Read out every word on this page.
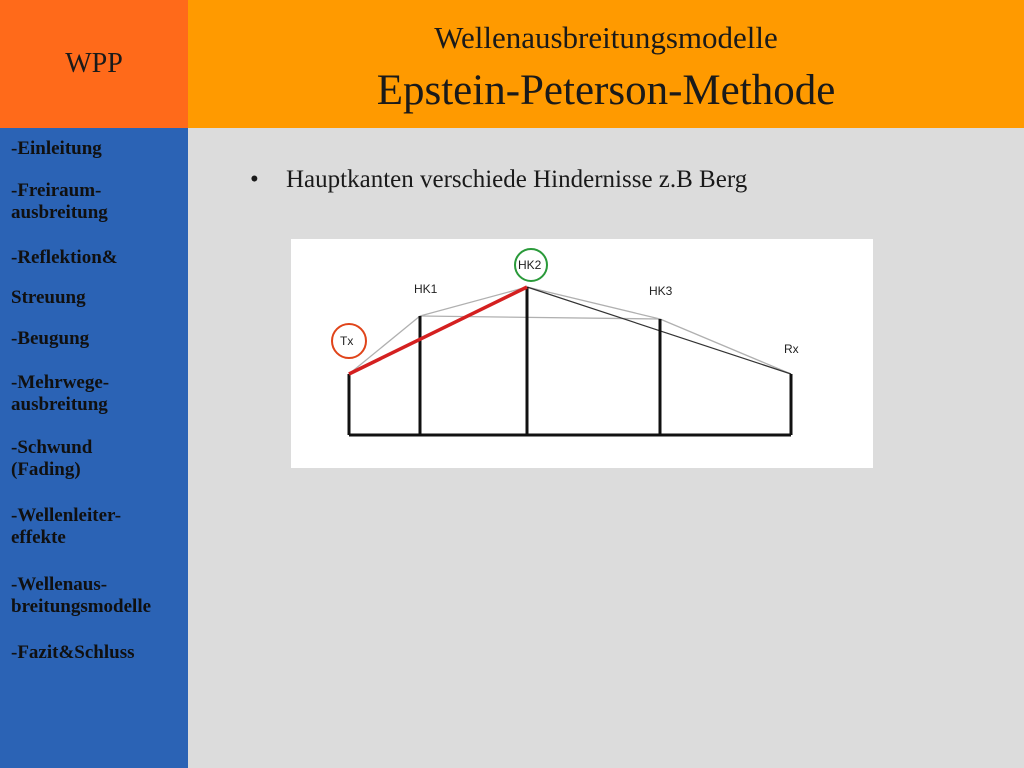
WPP
Wellenausbreitungsmodelle
Epstein-Peterson-Methode
-Einleitung
-Freiraum-
ausbreitung
-Reflektion&
Streuung
-Beugung
-Mehrwege-
ausbreitung
-Schwund
(Fading)
-Wellenleiter-
effekte
-Wellenaus-
breitungsmodelle
-Fazit&Schluss
• Hauptkanten verschiede Hindernisse z.B Berg
Tx
HK1
HK2
HK3
Rx
